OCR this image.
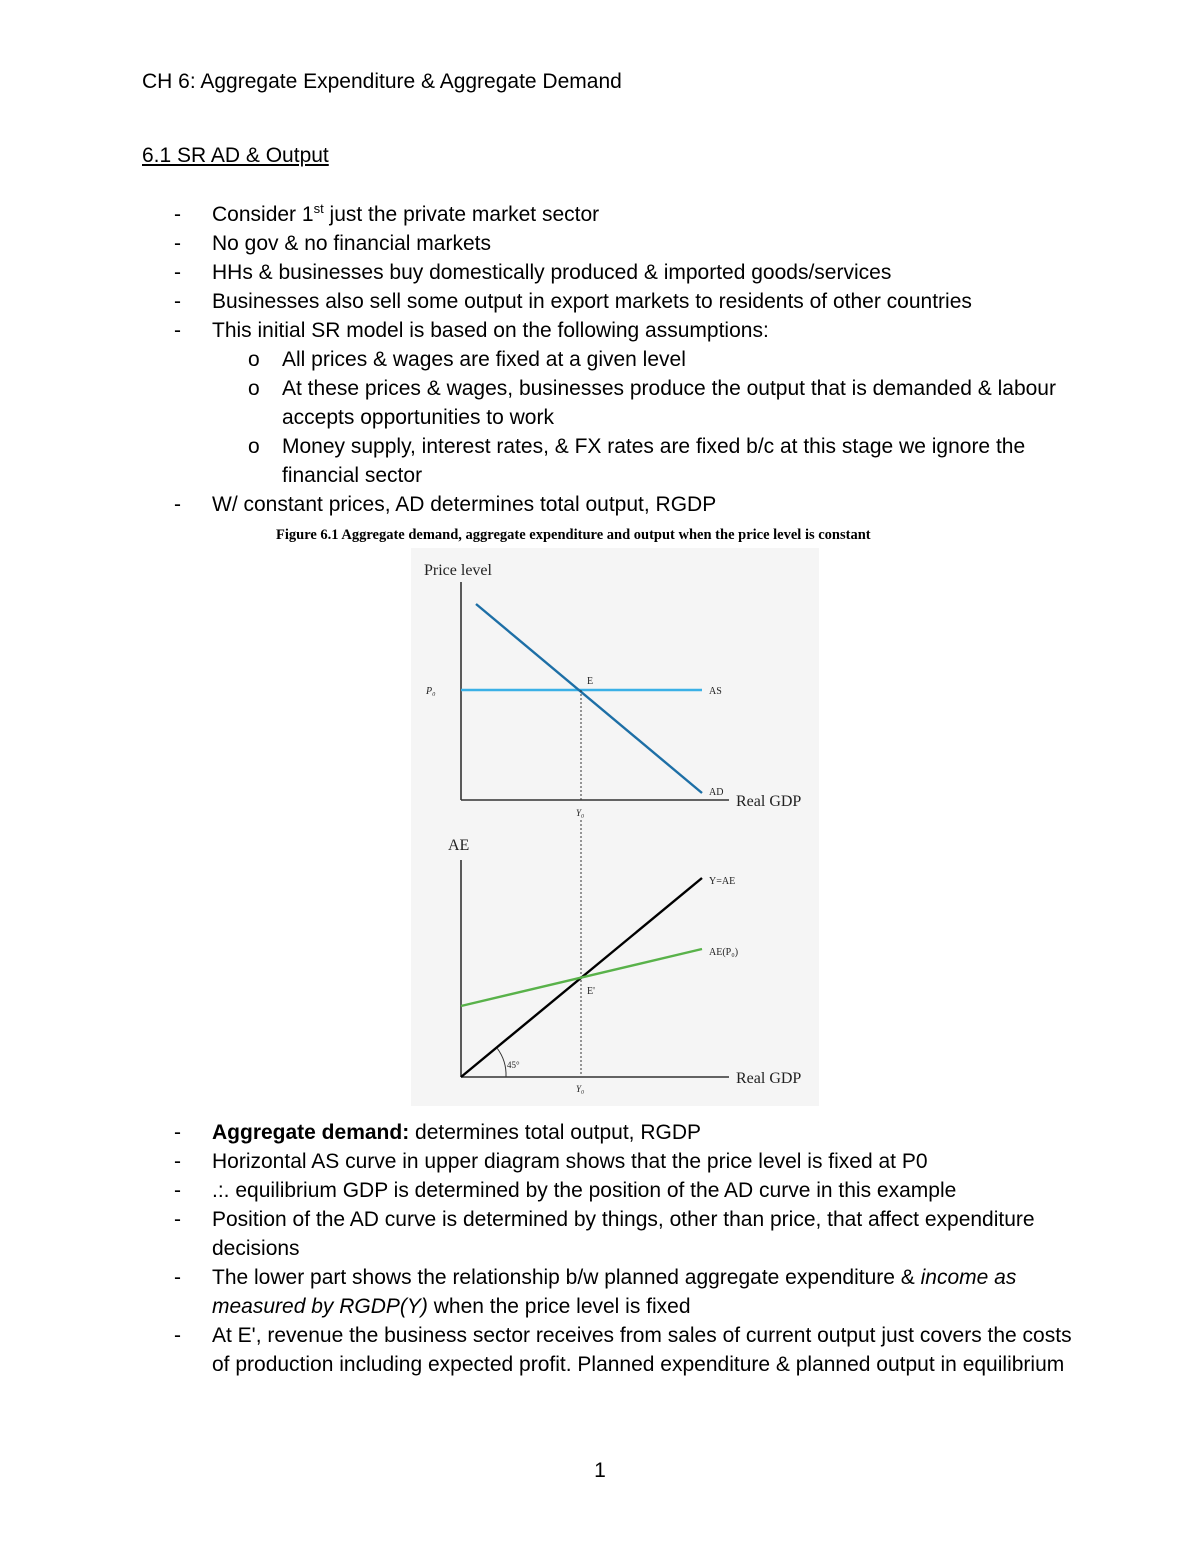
CH 6: Aggregate Expenditure & Aggregate Demand
6.1 SR AD & Output
- Consider 1st just the private market sector
- No gov & no financial markets
- HHs & businesses buy domestically produced & imported goods/services
- Businesses also sell some output in export markets to residents of other countries
- This initial SR model is based on the following assumptions:
o All prices & wages are fixed at a given level
o At these prices & wages, businesses produce the output that is demanded & labour accepts opportunities to work
o Money supply, interest rates, & FX rates are fixed b/c at this stage we ignore the financial sector
- W/ constant prices, AD determines total output, RGDP
Figure 6.1 Aggregate demand, aggregate expenditure and output when the price level is constant
Price level
Real GDP
P₀
E
AS
AD
Y₀
AE
Real GDP
45°
Y=AE
AE(P₀)
E'
Y₀
- Aggregate demand: determines total output, RGDP
- Horizontal AS curve in upper diagram shows that the price level is fixed at P0
- .:. equilibrium GDP is determined by the position of the AD curve in this example
- Position of the AD curve is determined by things, other than price, that affect expenditure decisions
- The lower part shows the relationship b/w planned aggregate expenditure & income as measured by RGDP(Y) when the price level is fixed
- At E', revenue the business sector receives from sales of current output just covers the costs of production including expected profit. Planned expenditure & planned output in equilibrium
1
